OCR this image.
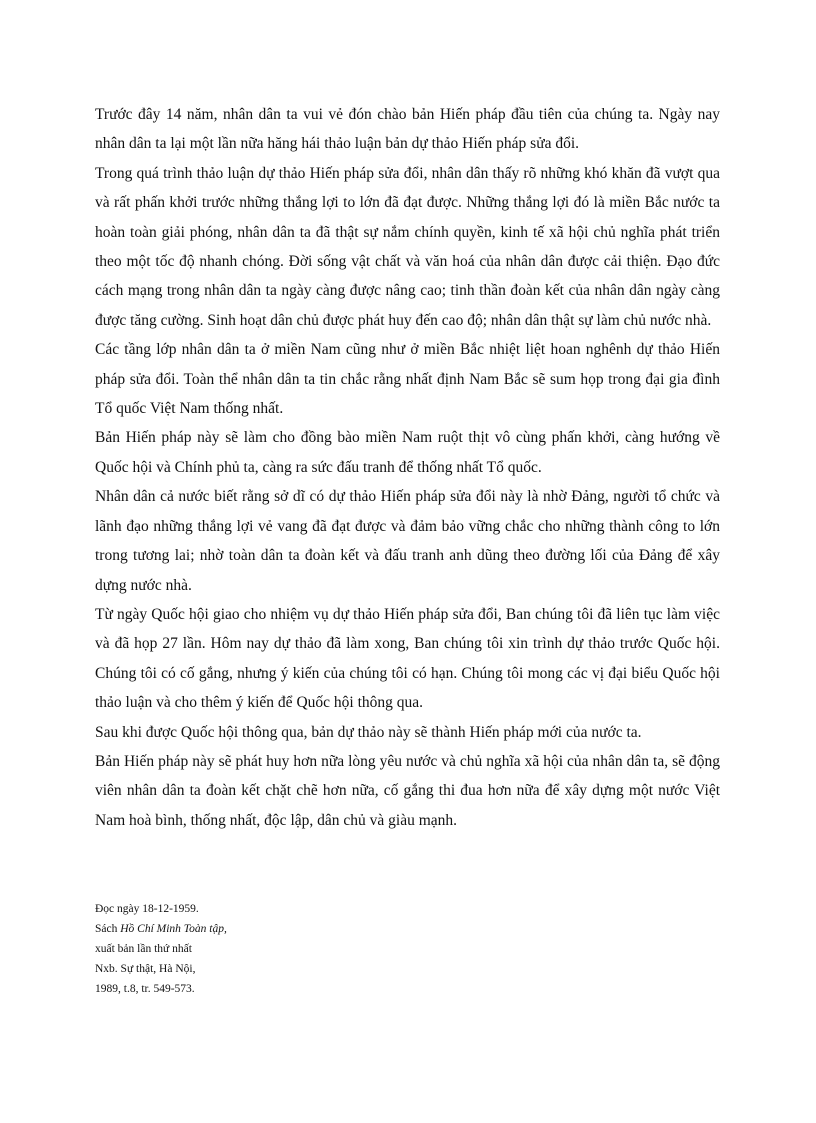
Trước đây 14 năm, nhân dân ta vui vẻ đón chào bản Hiến pháp đầu tiên của chúng ta. Ngày nay nhân dân ta lại một lần nữa hăng hái thảo luận bản dự thảo Hiến pháp sửa đổi.

Trong quá trình thảo luận dự thảo Hiến pháp sửa đổi, nhân dân thấy rõ những khó khăn đã vượt qua và rất phấn khởi trước những thắng lợi to lớn đã đạt được. Những thắng lợi đó là miền Bắc nước ta hoàn toàn giải phóng, nhân dân ta đã thật sự nắm chính quyền, kinh tế xã hội chủ nghĩa phát triển theo một tốc độ nhanh chóng. Đời sống vật chất và văn hoá của nhân dân được cải thiện. Đạo đức cách mạng trong nhân dân ta ngày càng được nâng cao; tinh thần đoàn kết của nhân dân ngày càng được tăng cường. Sinh hoạt dân chủ được phát huy đến cao độ; nhân dân thật sự làm chủ nước nhà.

Các tầng lớp nhân dân ta ở miền Nam cũng như ở miền Bắc nhiệt liệt hoan nghênh dự thảo Hiến pháp sửa đổi. Toàn thể nhân dân ta tin chắc rằng nhất định Nam Bắc sẽ sum họp trong đại gia đình Tổ quốc Việt Nam thống nhất.

Bản Hiến pháp này sẽ làm cho đồng bào miền Nam ruột thịt vô cùng phấn khởi, càng hướng về Quốc hội và Chính phủ ta, càng ra sức đấu tranh để thống nhất Tổ quốc.

Nhân dân cả nước biết rằng sở dĩ có dự thảo Hiến pháp sửa đổi này là nhờ Đảng, người tổ chức và lãnh đạo những thắng lợi vẻ vang đã đạt được và đảm bảo vững chắc cho những thành công to lớn trong tương lai; nhờ toàn dân ta đoàn kết và đấu tranh anh dũng theo đường lối của Đảng để xây dựng nước nhà.

Từ ngày Quốc hội giao cho nhiệm vụ dự thảo Hiến pháp sửa đổi, Ban chúng tôi đã liên tục làm việc và đã họp 27 lần. Hôm nay dự thảo đã làm xong, Ban chúng tôi xin trình dự thảo trước Quốc hội. Chúng tôi có cố gắng, nhưng ý kiến của chúng tôi có hạn. Chúng tôi mong các vị đại biểu Quốc hội thảo luận và cho thêm ý kiến để Quốc hội thông qua.

Sau khi được Quốc hội thông qua, bản dự thảo này sẽ thành Hiến pháp mới của nước ta.

Bản Hiến pháp này sẽ phát huy hơn nữa lòng yêu nước và chủ nghĩa xã hội của nhân dân ta, sẽ động viên nhân dân ta đoàn kết chặt chẽ hơn nữa, cố gắng thi đua hơn nữa để xây dựng một nước Việt Nam hoà bình, thống nhất, độc lập, dân chủ và giàu mạnh.

Đọc ngày 18-12-1959.
Sách Hồ Chí Minh Toàn tập,
xuất bản lần thứ nhất
Nxb. Sự thật, Hà Nội,
1989, t.8, tr. 549-573.
